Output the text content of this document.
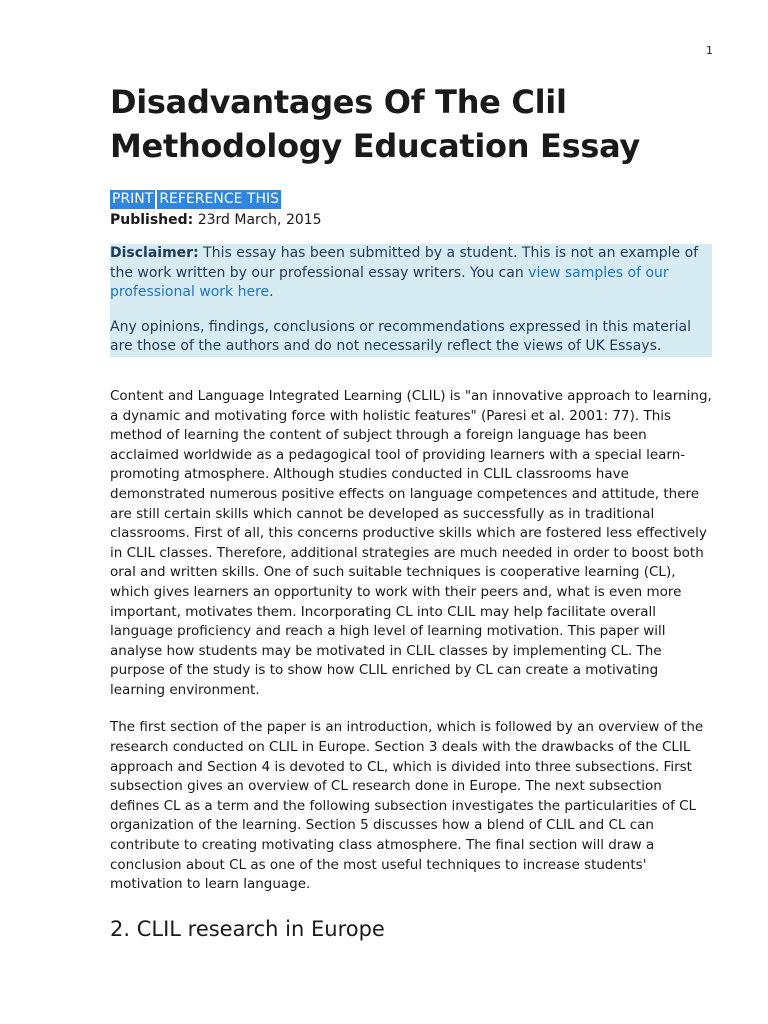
1
Disadvantages Of The Clil Methodology Education Essay
PRINT REFERENCE THIS
Published: 23rd March, 2015

Disclaimer: This essay has been submitted by a student. This is not an example of the work written by our professional essay writers. You can view samples of our professional work here.

Any opinions, findings, conclusions or recommendations expressed in this material are those of the authors and do not necessarily reflect the views of UK Essays.

Content and Language Integrated Learning (CLIL) is "an innovative approach to learning, a dynamic and motivating force with holistic features" (Paresi et al. 2001: 77). This method of learning the content of subject through a foreign language has been acclaimed worldwide as a pedagogical tool of providing learners with a special learn-promoting atmosphere. Although studies conducted in CLIL classrooms have demonstrated numerous positive effects on language competences and attitude, there are still certain skills which cannot be developed as successfully as in traditional classrooms. First of all, this concerns productive skills which are fostered less effectively in CLIL classes. Therefore, additional strategies are much needed in order to boost both oral and written skills. One of such suitable techniques is cooperative learning (CL), which gives learners an opportunity to work with their peers and, what is even more important, motivates them. Incorporating CL into CLIL may help facilitate overall language proficiency and reach a high level of learning motivation. This paper will analyse how students may be motivated in CLIL classes by implementing CL. The purpose of the study is to show how CLIL enriched by CL can create a motivating learning environment.

The first section of the paper is an introduction, which is followed by an overview of the research conducted on CLIL in Europe. Section 3 deals with the drawbacks of the CLIL approach and Section 4 is devoted to CL, which is divided into three subsections. First subsection gives an overview of CL research done in Europe. The next subsection defines CL as a term and the following subsection investigates the particularities of CL organization of the learning. Section 5 discusses how a blend of CLIL and CL can contribute to creating motivating class atmosphere. The final section will draw a conclusion about CL as one of the most useful techniques to increase students' motivation to learn language.

2. CLIL research in Europe
